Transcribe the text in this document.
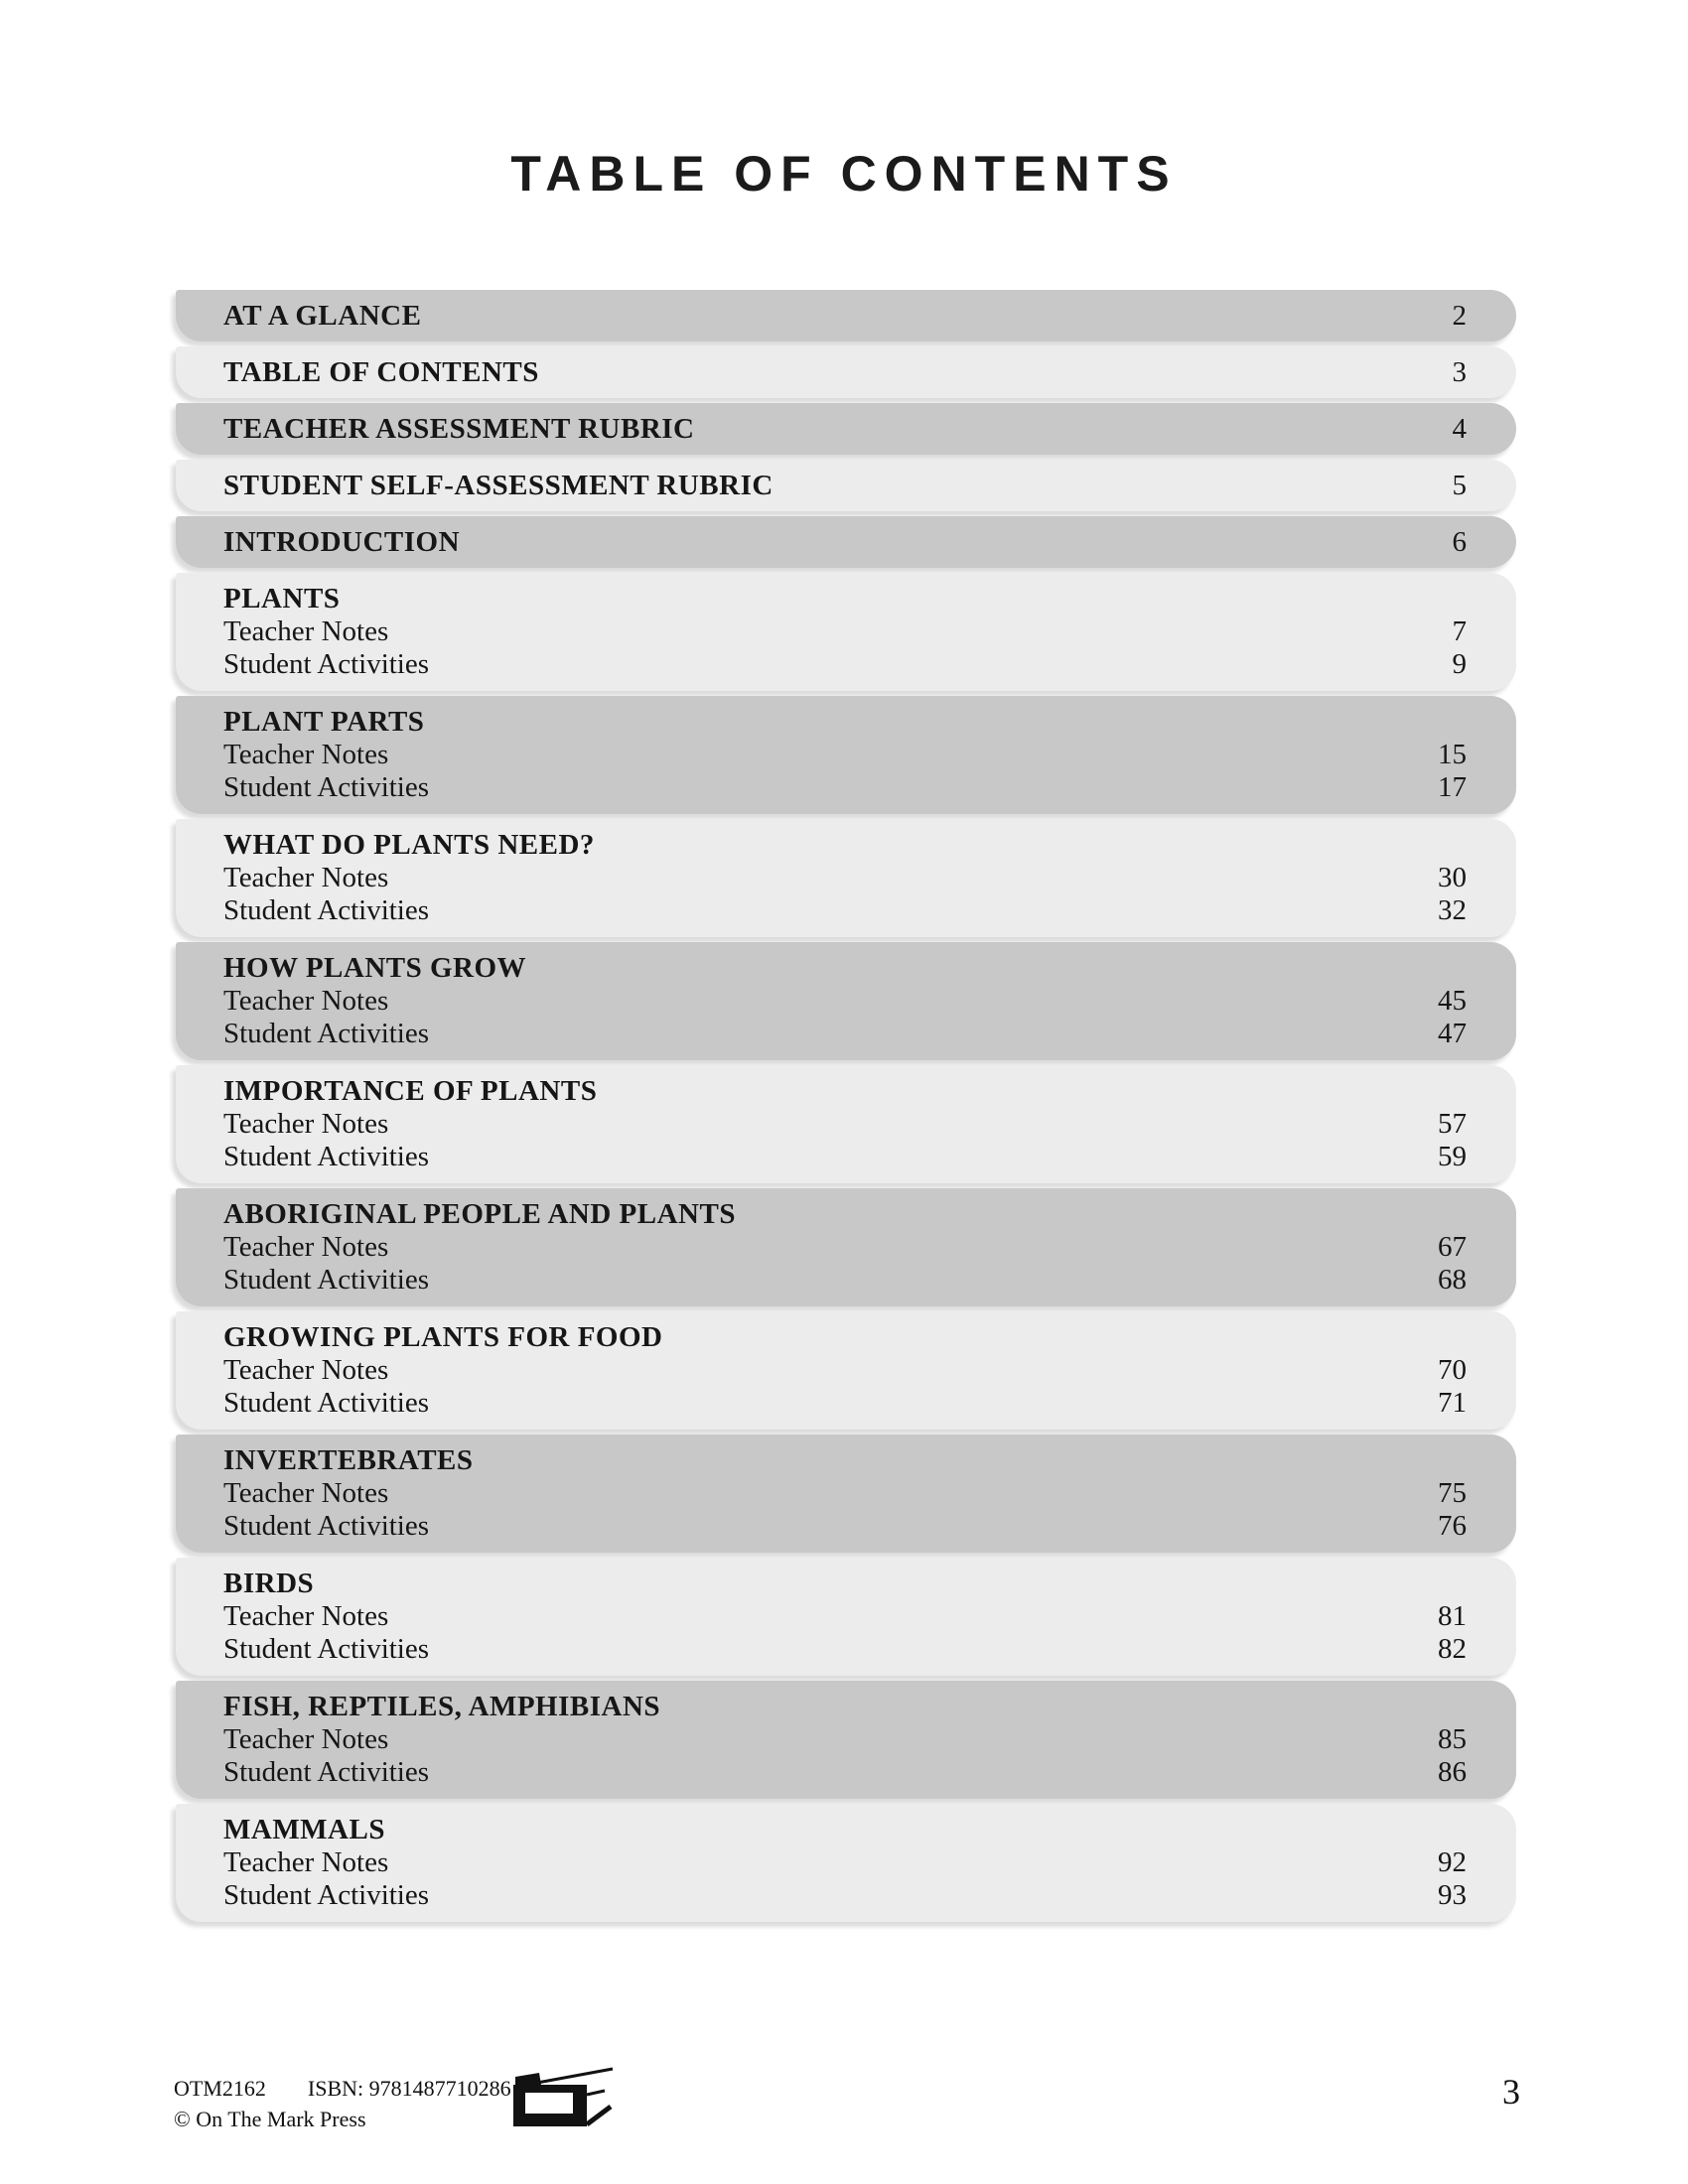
TABLE OF CONTENTS
AT A GLANCE	2
TABLE OF CONTENTS	3
TEACHER ASSESSMENT RUBRIC	4
STUDENT SELF-ASSESSMENT RUBRIC	5
INTRODUCTION	6
PLANTS
Teacher Notes	7
Student Activities	9
PLANT PARTS
Teacher Notes	15
Student Activities	17
WHAT DO PLANTS NEED?
Teacher Notes	30
Student Activities	32
HOW PLANTS GROW
Teacher Notes	45
Student Activities	47
IMPORTANCE OF PLANTS
Teacher Notes	57
Student Activities	59
ABORIGINAL PEOPLE AND PLANTS
Teacher Notes	67
Student Activities	68
GROWING PLANTS FOR FOOD
Teacher Notes	70
Student Activities	71
INVERTEBRATES
Teacher Notes	75
Student Activities	76
BIRDS
Teacher Notes	81
Student Activities	82
FISH, REPTILES, AMPHIBIANS
Teacher Notes	85
Student Activities	86
MAMMALS
Teacher Notes	92
Student Activities	93
OTM2162 ISBN: 9781487710286
© On The Mark Press
3
